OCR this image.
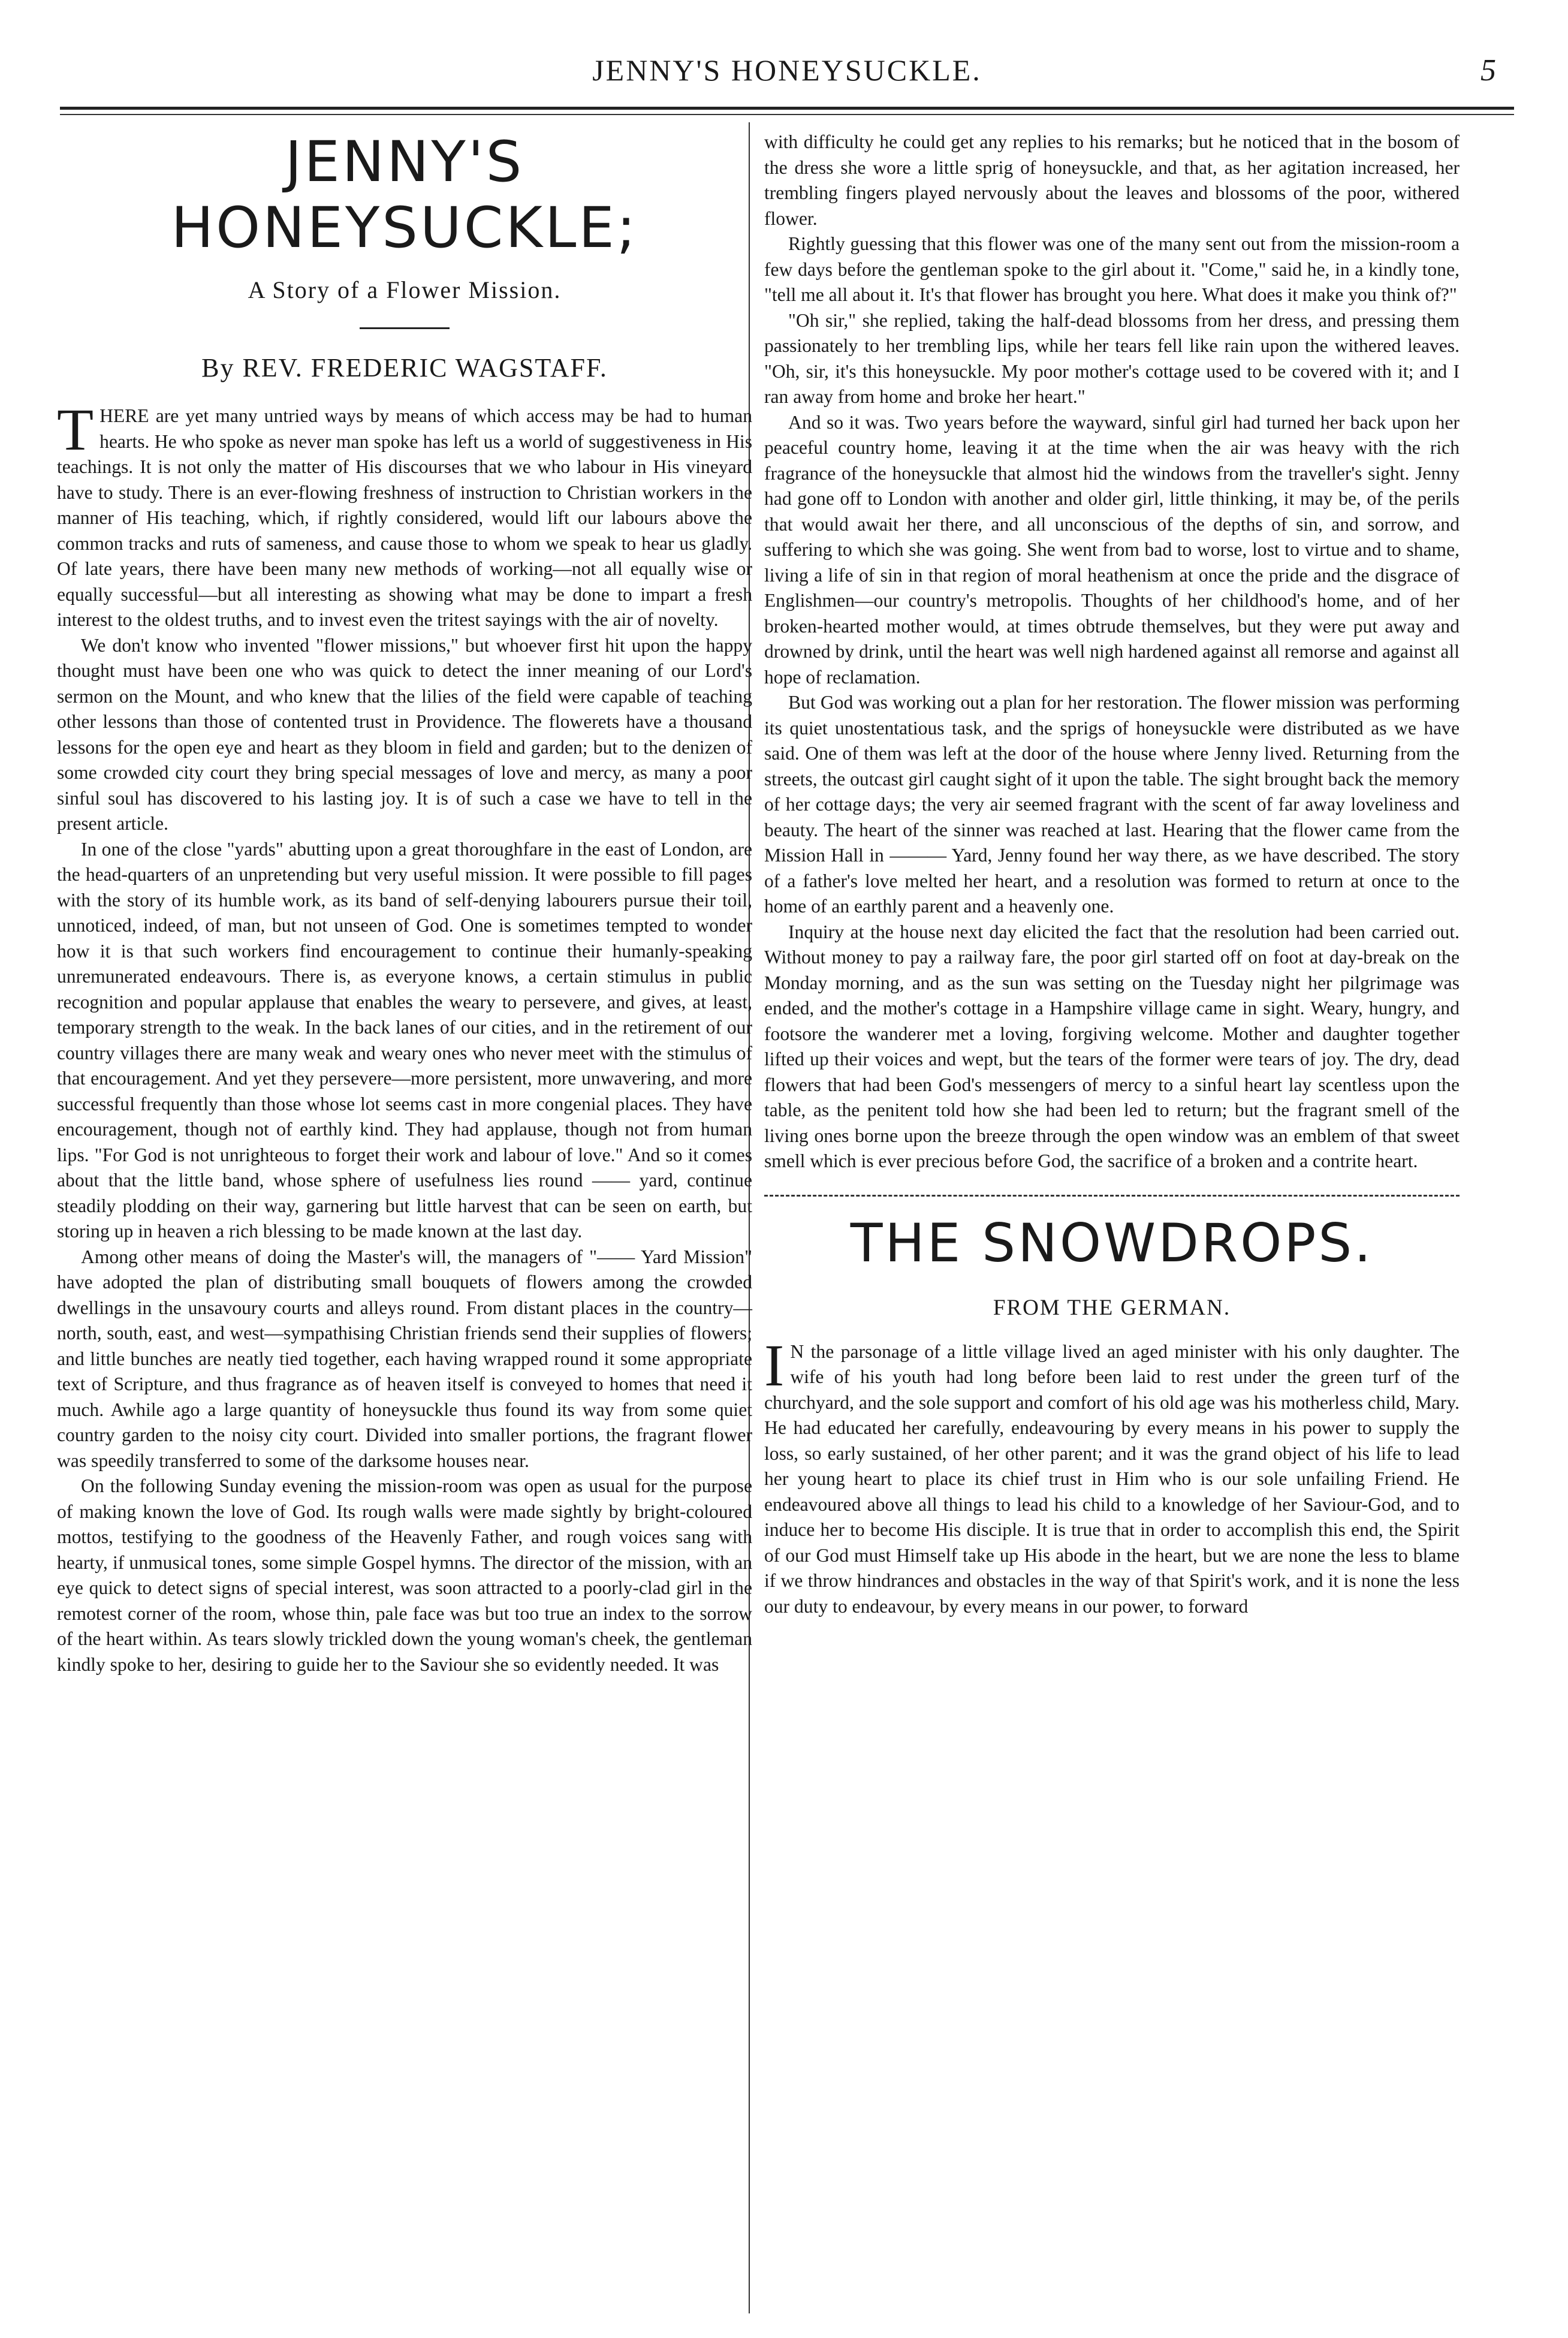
JENNY'S HONEYSUCKLE.	5
JENNY'S HONEYSUCKLE;
A Story of a Flower Mission.
By REV. FREDERIC WAGSTAFF.

THERE are yet many untried ways by means of which access may be had to human hearts. He who spoke as never man spoke has left us a world of suggestiveness in His teachings. It is not only the matter of His discourses that we who labour in His vineyard have to study. There is an ever-flowing freshness of instruction to Christian workers in the manner of His teaching, which, if rightly considered, would lift our labours above the common tracks and ruts of sameness, and cause those to whom we speak to hear us gladly. Of late years, there have been many new methods of working—not all equally wise or equally successful—but all interesting as showing what may be done to impart a fresh interest to the oldest truths, and to invest even the tritest sayings with the air of novelty.

We don't know who invented "flower missions," but whoever first hit upon the happy thought must have been one who was quick to detect the inner meaning of our Lord's sermon on the Mount, and who knew that the lilies of the field were capable of teaching other lessons than those of contented trust in Providence. The flowerets have a thousand lessons for the open eye and heart as they bloom in field and garden; but to the denizen of some crowded city court they bring special messages of love and mercy, as many a poor sinful soul has discovered to his lasting joy. It is of such a case we have to tell in the present article.

In one of the close "yards" abutting upon a great thoroughfare in the east of London, are the head-quarters of an unpretending but very useful mission. It were possible to fill pages with the story of its humble work, as its band of self-denying labourers pursue their toil, unnoticed, indeed, of man, but not unseen of God. One is sometimes tempted to wonder how it is that such workers find encouragement to continue their humanly-speaking unremunerated endeavours. There is, as everyone knows, a certain stimulus in public recognition and popular applause that enables the weary to persevere, and gives, at least, temporary strength to the weak. In the back lanes of our cities, and in the retirement of our country villages there are many weak and weary ones who never meet with the stimulus of that encouragement. And yet they persevere—more persistent, more unwavering, and more successful frequently than those whose lot seems cast in more congenial places. They have encouragement, though not of earthly kind. They had applause, though not from human lips. "For God is not unrighteous to forget their work and labour of love." And so it comes about that the little band, whose sphere of usefulness lies round —— yard, continue steadily plodding on their way, garnering but little harvest that can be seen on earth, but storing up in heaven a rich blessing to be made known at the last day.

Among other means of doing the Master's will, the managers of "—— Yard Mission" have adopted the plan of distributing small bouquets of flowers among the crowded dwellings in the unsavoury courts and alleys round. From distant places in the country—north, south, east, and west—sympathising Christian friends send their supplies of flowers; and little bunches are neatly tied together, each having wrapped round it some appropriate text of Scripture, and thus fragrance as of heaven itself is conveyed to homes that need it much. Awhile ago a large quantity of honeysuckle thus found its way from some quiet country garden to the noisy city court. Divided into smaller portions, the fragrant flower was speedily transferred to some of the darksome houses near.

On the following Sunday evening the mission-room was open as usual for the purpose of making known the love of God. Its rough walls were made sightly by bright-coloured mottos, testifying to the goodness of the Heavenly Father, and rough voices sang with hearty, if unmusical tones, some simple Gospel hymns. The director of the mission, with an eye quick to detect signs of special interest, was soon attracted to a poorly-clad girl in the remotest corner of the room, whose thin, pale face was but too true an index to the sorrow of the heart within. As tears slowly trickled down the young woman's cheek, the gentleman kindly spoke to her, desiring to guide her to the Saviour she so evidently needed. It was

with difficulty he could get any replies to his remarks; but he noticed that in the bosom of the dress she wore a little sprig of honeysuckle, and that, as her agitation increased, her trembling fingers played nervously about the leaves and blossoms of the poor, withered flower.

Rightly guessing that this flower was one of the many sent out from the mission-room a few days before the gentleman spoke to the girl about it. "Come," said he, in a kindly tone, "tell me all about it. It's that flower has brought you here. What does it make you think of?"

"Oh sir," she replied, taking the half-dead blossoms from her dress, and pressing them passionately to her trembling lips, while her tears fell like rain upon the withered leaves. "Oh, sir, it's this honeysuckle. My poor mother's cottage used to be covered with it; and I ran away from home and broke her heart."

And so it was. Two years before the wayward, sinful girl had turned her back upon her peaceful country home, leaving it at the time when the air was heavy with the rich fragrance of the honeysuckle that almost hid the windows from the traveller's sight. Jenny had gone off to London with another and older girl, little thinking, it may be, of the perils that would await her there, and all unconscious of the depths of sin, and sorrow, and suffering to which she was going. She went from bad to worse, lost to virtue and to shame, living a life of sin in that region of moral heathenism at once the pride and the disgrace of Englishmen—our country's metropolis. Thoughts of her childhood's home, and of her broken-hearted mother would, at times obtrude themselves, but they were put away and drowned by drink, until the heart was well nigh hardened against all remorse and against all hope of reclamation.

But God was working out a plan for her restoration. The flower mission was performing its quiet unostentatious task, and the sprigs of honeysuckle were distributed as we have said. One of them was left at the door of the house where Jenny lived. Returning from the streets, the outcast girl caught sight of it upon the table. The sight brought back the memory of her cottage days; the very air seemed fragrant with the scent of far away loveliness and beauty. The heart of the sinner was reached at last. Hearing that the flower came from the Mission Hall in ——— Yard, Jenny found her way there, as we have described. The story of a father's love melted her heart, and a resolution was formed to return at once to the home of an earthly parent and a heavenly one.

Inquiry at the house next day elicited the fact that the resolution had been carried out. Without money to pay a railway fare, the poor girl started off on foot at day-break on the Monday morning, and as the sun was setting on the Tuesday night her pilgrimage was ended, and the mother's cottage in a Hampshire village came in sight. Weary, hungry, and footsore the wanderer met a loving, forgiving welcome. Mother and daughter together lifted up their voices and wept, but the tears of the former were tears of joy. The dry, dead flowers that had been God's messengers of mercy to a sinful heart lay scentless upon the table, as the penitent told how she had been led to return; but the fragrant smell of the living ones borne upon the breeze through the open window was an emblem of that sweet smell which is ever precious before God, the sacrifice of a broken and a contrite heart.

THE SNOWDROPS.
FROM THE GERMAN.

I N the parsonage of a little village lived an aged minister with his only daughter. The wife of his youth had long before been laid to rest under the green turf of the churchyard, and the sole support and comfort of his old age was his motherless child, Mary. He had educated her carefully, endeavouring by every means in his power to supply the loss, so early sustained, of her other parent; and it was the grand object of his life to lead her young heart to place its chief trust in Him who is our sole unfailing Friend. He endeavoured above all things to lead his child to a knowledge of her Saviour-God, and to induce her to become His disciple. It is true that in order to accomplish this end, the Spirit of our God must Himself take up His abode in the heart, but we are none the less to blame if we throw hindrances and obstacles in the way of that Spirit's work, and it is none the less our duty to endeavour, by every means in our power, to forward
